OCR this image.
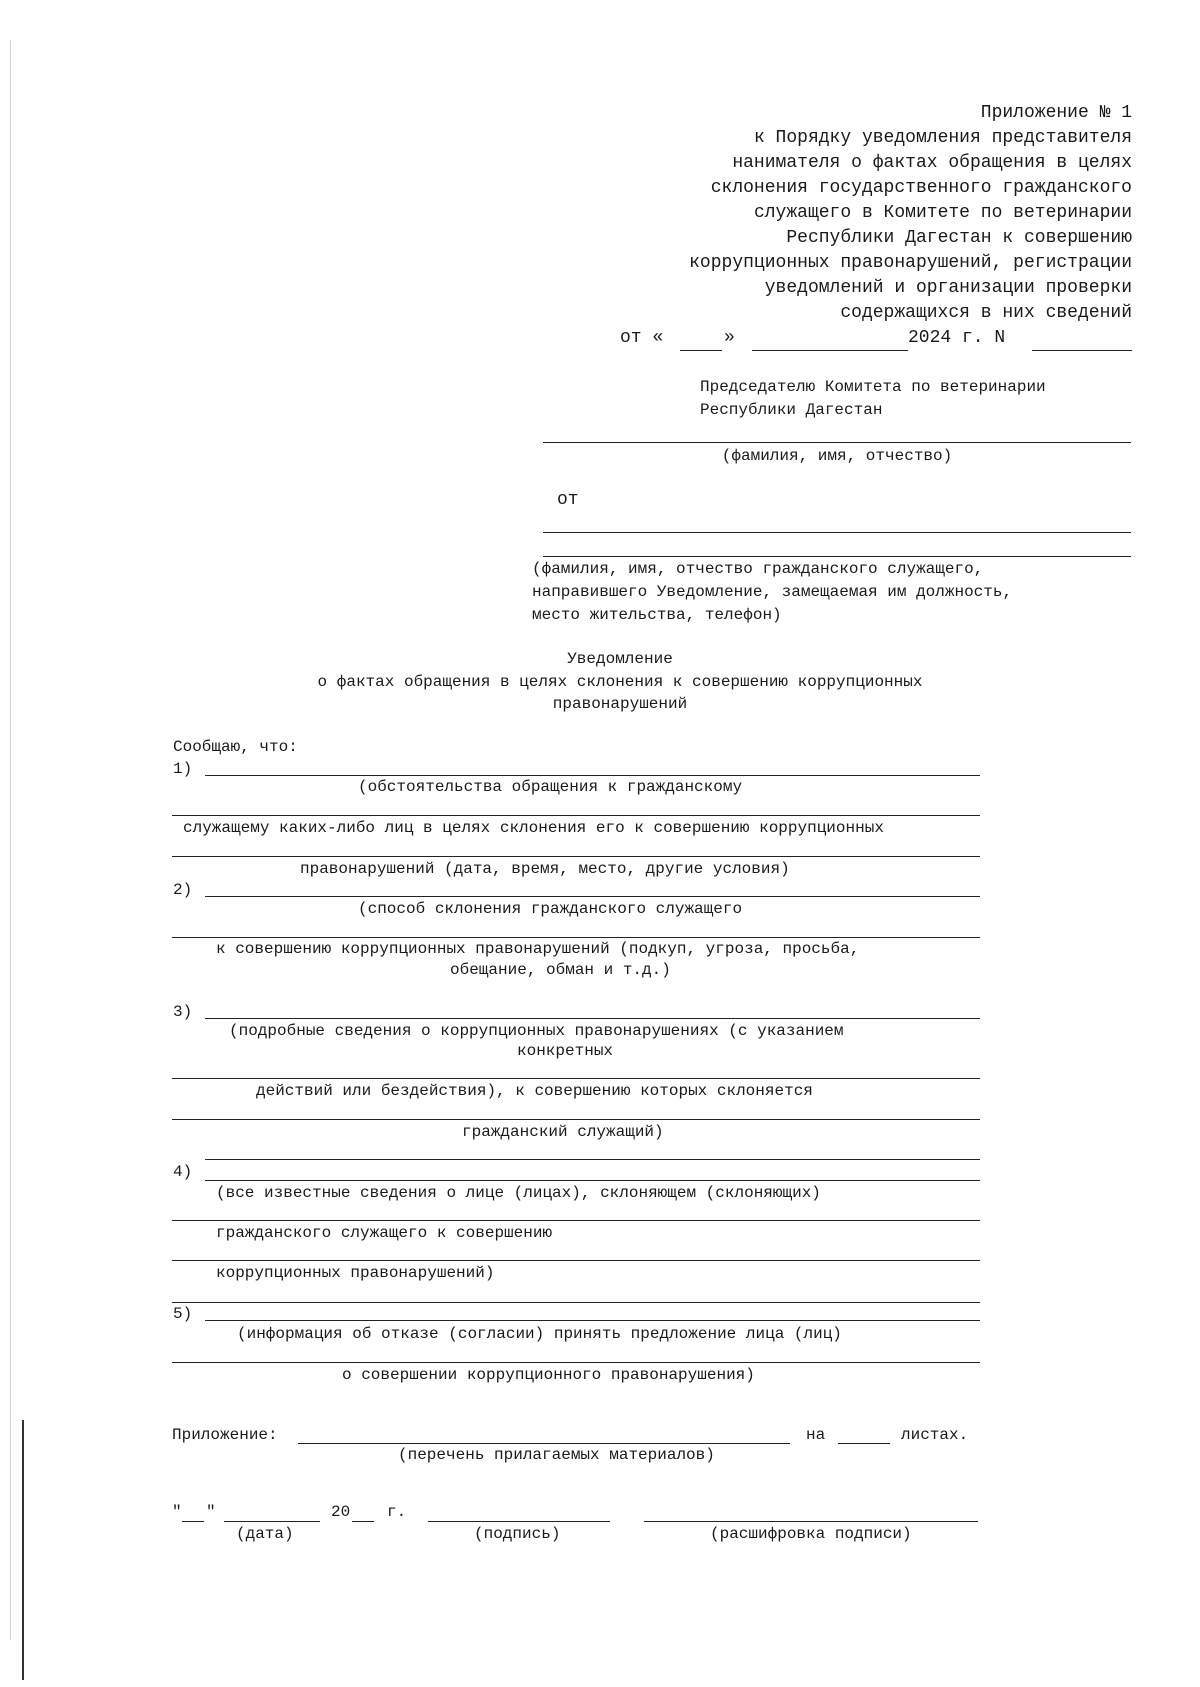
Приложение № 1
к Порядку уведомления представителя
нанимателя о фактах обращения в целях
склонения государственного гражданского
служащего в Комитете по ветеринарии
Республики Дагестан к совершению
коррупционных правонарушений, регистрации
уведомлений и организации проверки
содержащихся в них сведений
от «	»	2024 г. N
Председателю Комитета по ветеринарии
Республики Дагестан
(фамилия, имя, отчество)
от
(фамилия, имя, отчество гражданского служащего,
направившего Уведомление, замещаемая им должность,
место жительства, телефон)
Уведомление
о фактах обращения в целях склонения к совершению коррупционных
правонарушений
Сообщаю, что:
1)
(обстоятельства обращения к гражданскому
служащему каких-либо лиц в целях склонения его к совершению коррупционных
правонарушений (дата, время, место, другие условия)
2)
(способ склонения гражданского служащего
к совершению коррупционных правонарушений (подкуп, угроза, просьба,
обещание, обман и т.д.)
3)
(подробные сведения о коррупционных правонарушениях (с указанием
конкретных
действий или бездействия), к совершению которых склоняется
гражданский служащий)
4)
(все известные сведения о лице (лицах), склоняющем (склоняющих)
гражданского служащего к совершению
коррупционных правонарушений)
5)
(информация об отказе (согласии) принять предложение лица (лиц)
о совершении коррупционного правонарушения)
Приложение:	на	листах.
(перечень прилагаемых материалов)
" "	20 г.
(дата)	(подпись)	(расшифровка подписи)
